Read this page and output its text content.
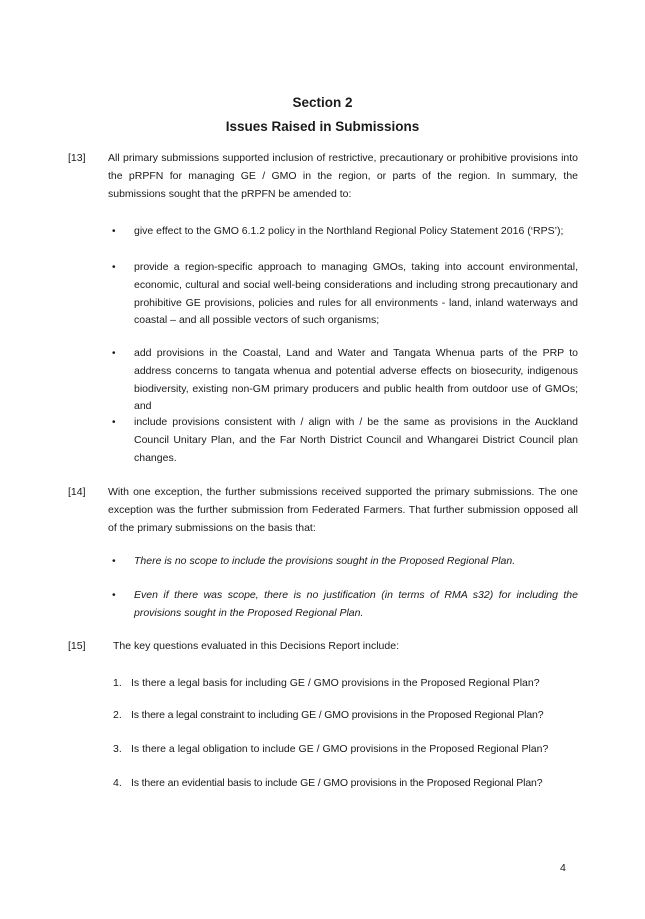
Section 2
Issues Raised in Submissions
[13] All primary submissions supported inclusion of restrictive, precautionary or prohibitive provisions into the pRPFN for managing GE / GMO in the region, or parts of the region. In summary, the submissions sought that the pRPFN be amended to:
• give effect to the GMO 6.1.2 policy in the Northland Regional Policy Statement 2016 (‘RPS’);
• provide a region-specific approach to managing GMOs, taking into account environmental, economic, cultural and social well-being considerations and including strong precautionary and prohibitive GE provisions, policies and rules for all environments - land, inland waterways and coastal – and all possible vectors of such organisms;
• add provisions in the Coastal, Land and Water and Tangata Whenua parts of the PRP to address concerns to tangata whenua and potential adverse effects on biosecurity, indigenous biodiversity, existing non-GM primary producers and public health from outdoor use of GMOs; and
• include provisions consistent with / align with / be the same as provisions in the Auckland Council Unitary Plan, and the Far North District Council and Whangarei District Council plan changes.
[14] With one exception, the further submissions received supported the primary submissions. The one exception was the further submission from Federated Farmers. That further submission opposed all of the primary submissions on the basis that:
• There is no scope to include the provisions sought in the Proposed Regional Plan.
• Even if there was scope, there is no justification (in terms of RMA s32) for including the provisions sought in the Proposed Regional Plan.
[15]	The key questions evaluated in this Decisions Report include:
1. Is there a legal basis for including GE / GMO provisions in the Proposed Regional Plan?
2. Is there a legal constraint to including GE / GMO provisions in the Proposed Regional Plan?
3. Is there a legal obligation to include GE / GMO provisions in the Proposed Regional Plan?
4. Is there an evidential basis to include GE / GMO provisions in the Proposed Regional Plan?
4
